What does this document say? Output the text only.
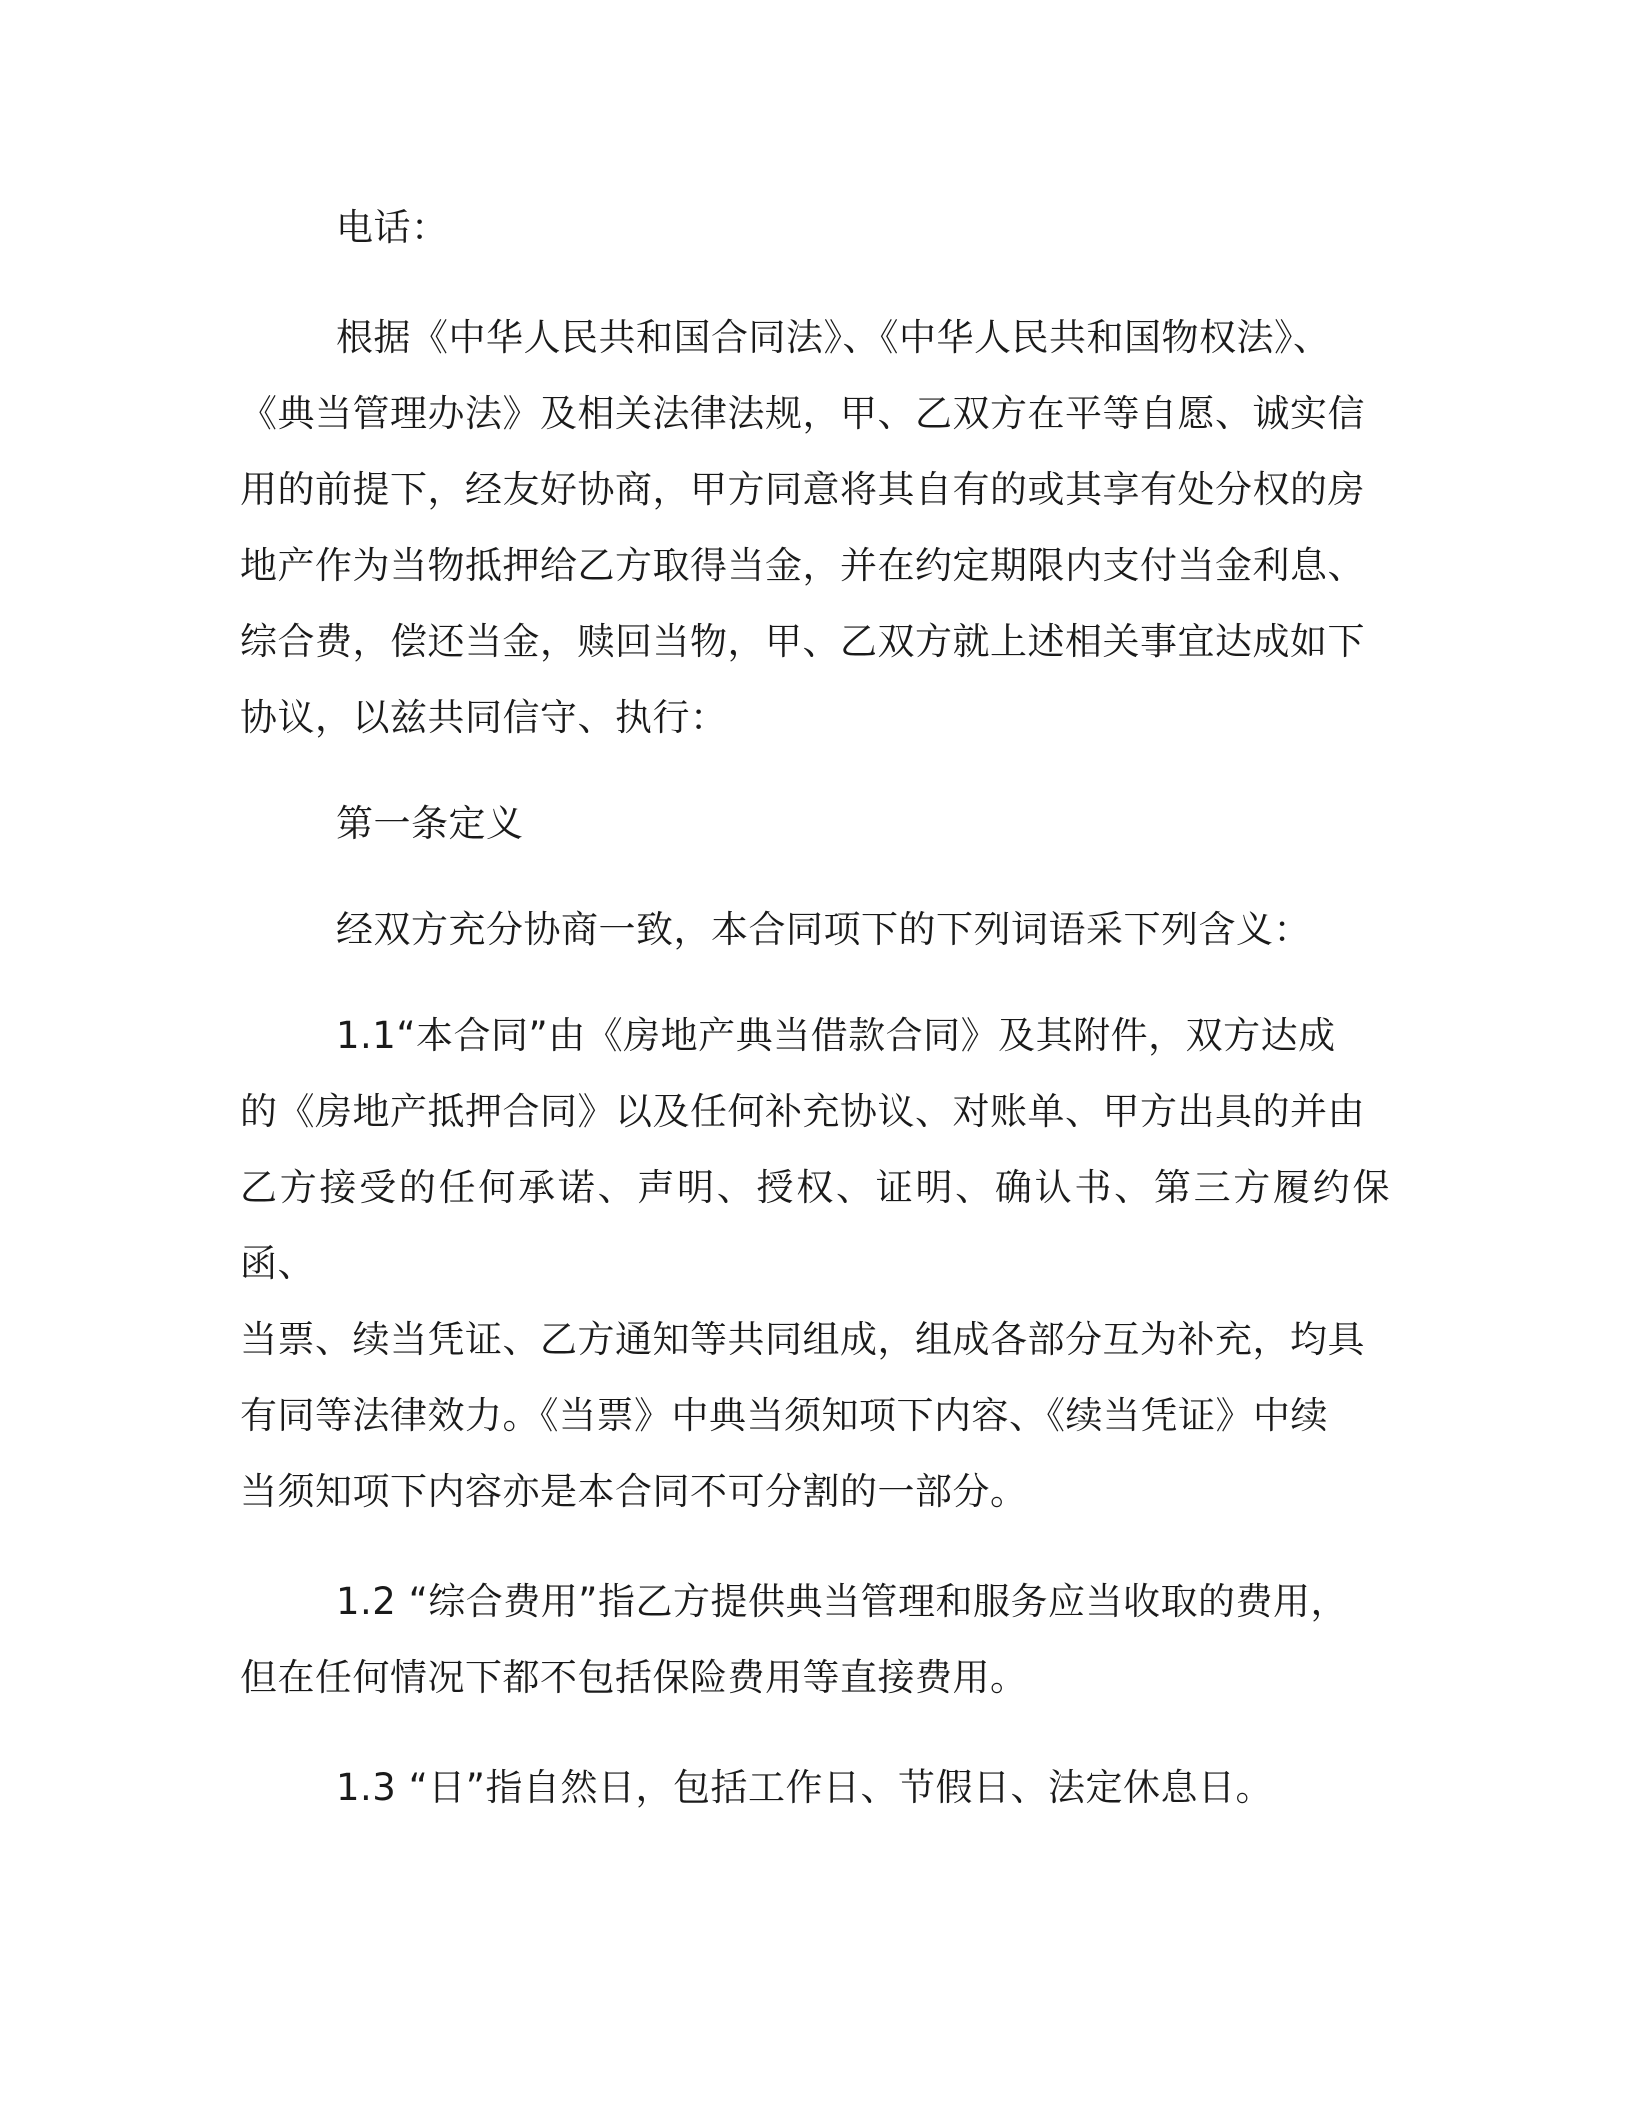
电话：

根据《中华人民共和国合同法》、《中华人民共和国物权法》、
《典当管理办法》及相关法律法规，甲、乙双方在平等自愿、诚实信
用的前提下，经友好协商，甲方同意将其自有的或其享有处分权的房
地产作为当物抵押给乙方取得当金，并在约定期限内支付当金利息、
综合费，偿还当金，赎回当物，甲、乙双方就上述相关事宜达成如下
协议，以兹共同信守、执行：

第一条定义

经双方充分协商一致，本合同项下的下列词语采下列含义：

1.1“本合同”由《房地产典当借款合同》及其附件，双方达成
的《房地产抵押合同》以及任何补充协议、对账单、甲方出具的并由
乙方接受的任何承诺、声明、授权、证明、确认书、第三方履约保函、
当票、续当凭证、乙方通知等共同组成，组成各部分互为补充，均具
有同等法律效力。《当票》中典当须知项下内容、《续当凭证》中续
当须知项下内容亦是本合同不可分割的一部分。

1.2 “综合费用”指乙方提供典当管理和服务应当收取的费用，
但在任何情况下都不包括保险费用等直接费用。

1.3 “日”指自然日，包括工作日、节假日、法定休息日。
